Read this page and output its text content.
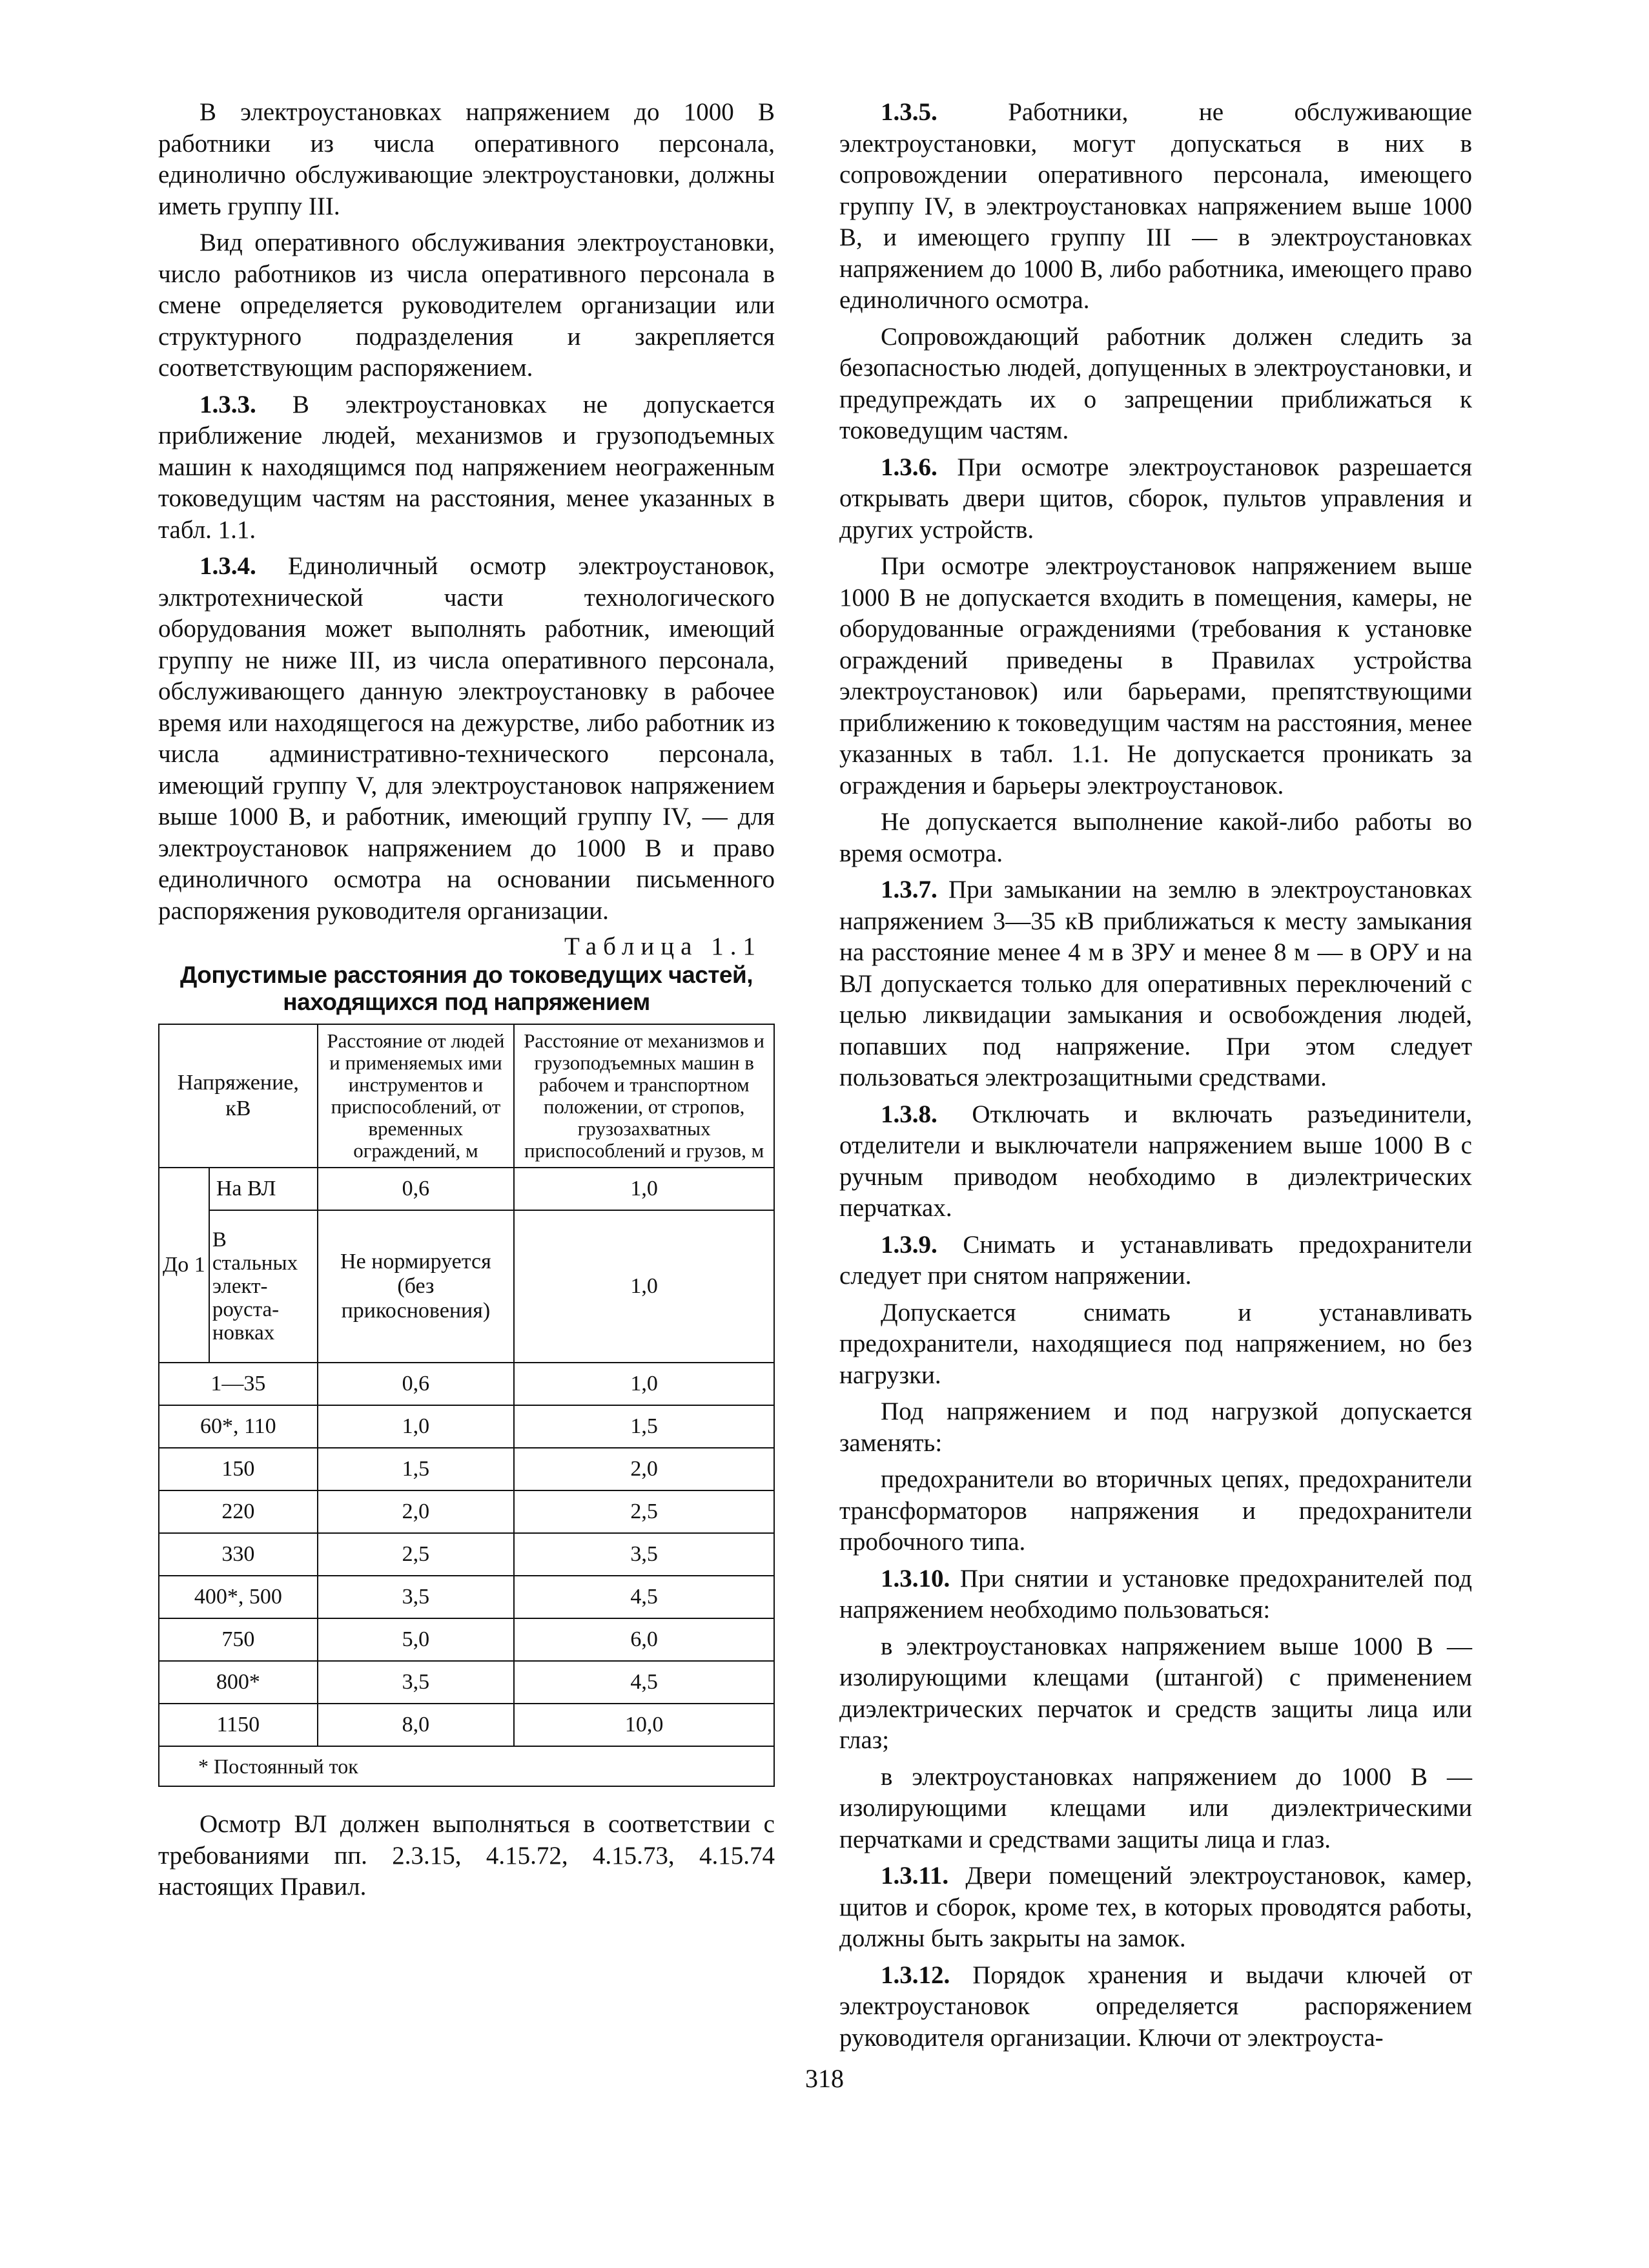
В электроустановках напряжением до 1000 В работники из числа оперативного персонала, единолично обслуживающие электроустановки, должны иметь группу III.

Вид оперативного обслуживания электроустановки, число работников из числа оперативного персонала в смене определяется руководителем организации или структурного подразделения и закрепляется соответствующим распоряжением.

1.3.3. В электроустановках не допускается приближение людей, механизмов и грузоподъемных машин к находящимся под напряжением неограженным токоведущим частям на расстояния, менее указанных в табл. 1.1.

1.3.4. Единоличный осмотр электроустановок, элктротехнической части технологического оборудования может выполнять работник, имеющий группу не ниже III, из числа оперативного персонала, обслуживающего данную электроустановку в рабочее время или находящегося на дежурстве, либо работник из числа административно-технического персонала, имеющий группу V, для электроустановок напряжением выше 1000 В, и работник, имеющий группу IV, — для электроустановок напряжением до 1000 В и право единоличного осмотра на основании письменного распоряжения руководителя организации.

Таблица 1.1
Допустимые расстояния до токоведущих частей, находящихся под напряжением
Напряжение, кВ		Расстояние от людей и применяемых ими инструментов и приспособлений, от временных ограждений, м	Расстояние от механизмов и грузоподъемных машин в рабочем и транспортном положении, от стропов, грузозахватных приспособлений и грузов, м
До 1	На ВЛ	0,6	1,0
	В стальных элект-роуста-новках	Не нормируется (без прикосновения)	1,0
1—35		0,6	1,0
60*, 110		1,0	1,5
150		1,5	2,0
220		2,0	2,5
330		2,5	3,5
400*, 500		3,5	4,5
750		5,0	6,0
800*		3,5	4,5
1150		8,0	10,0
* Постоянный ток			

Осмотр ВЛ должен выполняться в соответствии с требованиями пп. 2.3.15, 4.15.72, 4.15.73, 4.15.74 настоящих Правил.

1.3.5. Работники, не обслуживающие электроустановки, могут допускаться в них в сопровождении оперативного персонала, имеющего группу IV, в электроустановках напряжением выше 1000 В, и имеющего группу III — в электроустановках напряжением до 1000 В, либо работника, имеющего право единоличного осмотра.

Сопровождающий работник должен следить за безопасностью людей, допущенных в электроустановки, и предупреждать их о запрещении приближаться к токоведущим частям.

1.3.6. При осмотре электроустановок разрешается открывать двери щитов, сборок, пультов управления и других устройств.

При осмотре электроустановок напряжением выше 1000 В не допускается входить в помещения, камеры, не оборудованные ограждениями (требования к установке ограждений приведены в Правилах устройства электроустановок) или барьерами, препятствующими приближению к токоведущим частям на расстояния, менее указанных в табл. 1.1. Не допускается проникать за ограждения и барьеры электроустановок.

Не допускается выполнение какой-либо работы во время осмотра.

1.3.7. При замыкании на землю в электроустановках напряжением 3—35 кВ приближаться к месту замыкания на расстояние менее 4 м в ЗРУ и менее 8 м — в ОРУ и на ВЛ допускается только для оперативных переключений с целью ликвидации замыкания и освобождения людей, попавших под напряжение. При этом следует пользоваться электрозащитными средствами.

1.3.8. Отключать и включать разъединители, отделители и выключатели напряжением выше 1000 В с ручным приводом необходимо в диэлектрических перчатках.

1.3.9. Снимать и устанавливать предохранители следует при снятом напряжении.

Допускается снимать и устанавливать предохранители, находящиеся под напряжением, но без нагрузки.

Под напряжением и под нагрузкой допускается заменять:

предохранители во вторичных цепях, предохранители трансформаторов напряжения и предохранители пробочного типа.

1.3.10. При снятии и установке предохранителей под напряжением необходимо пользоваться:

в электроустановках напряжением выше 1000 В — изолирующими клещами (штангой) с применением диэлектрических перчаток и средств защиты лица или глаз;

в электроустановках напряжением до 1000 В — изолирующими клещами или диэлектрическими перчатками и средствами защиты лица и глаз.

1.3.11. Двери помещений электроустановок, камер, щитов и сборок, кроме тех, в которых проводятся работы, должны быть закрыты на замок.

1.3.12. Порядок хранения и выдачи ключей от электроустановок определяется распоряжением руководителя организации. Ключи от электроуста-

318
